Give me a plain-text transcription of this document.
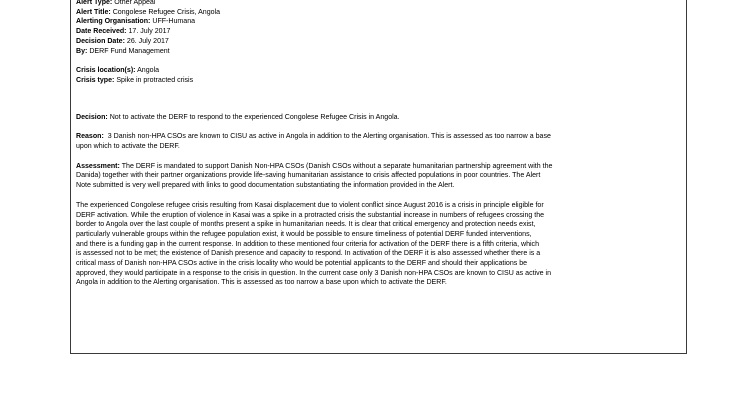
Alert Type: Other Appeal
Alert Title: Congolese Refugee Crisis, Angola
Alerting Organisation: UFF-Humana
Date Received: 17. July 2017
Decision Date: 26. July 2017
By: DERF Fund Management
Crisis location(s): Angola
Crisis type: Spike in protracted crisis

Decision: Not to activate the DERF to respond to the experienced Congolese Refugee Crisis in Angola.

Reason: 3 Danish non-HPA CSOs are known to CISU as active in Angola in addition to the Alerting organisation. This is assessed as too narrow a base
upon which to activate the DERF.
Assessment: The DERF is mandated to support Danish Non-HPA CSOs (Danish CSOs without a separate humanitarian partnership agreement with the
Danida) together with their partner organizations provide life-saving humanitarian assistance to crisis affected populations in poor countries. The Alert
Note submitted is very well prepared with links to good documentation substantiating the information provided in the Alert.
The experienced Congolese refugee crisis resulting from Kasai displacement due to violent conflict since August 2016 is a crisis in principle eligible for
DERF activation. While the eruption of violence in Kasai was a spike in a protracted crisis the substantial increase in numbers of refugees crossing the
border to Angola over the last couple of months present a spike in humanitarian needs. It is clear that critical emergency and protection needs exist,
particularly vulnerable groups within the refugee population exist, it would be possible to ensure timeliness of potential DERF funded interventions,
and there is a funding gap in the current response. In addition to these mentioned four criteria for activation of the DERF there is a fifth criteria, which
is assessed not to be met; the existence of Danish presence and capacity to respond. In activation of the DERF it is also assessed whether there is a
critical mass of Danish non-HPA CSOs active in the crisis locality who would be potential applicants to the DERF and should their applications be
approved, they would participate in a response to the crisis in question. In the current case only 3 Danish non-HPA CSOs are known to CISU as active in
Angola in addition to the Alerting organisation. This is assessed as too narrow a base upon which to activate the DERF.
